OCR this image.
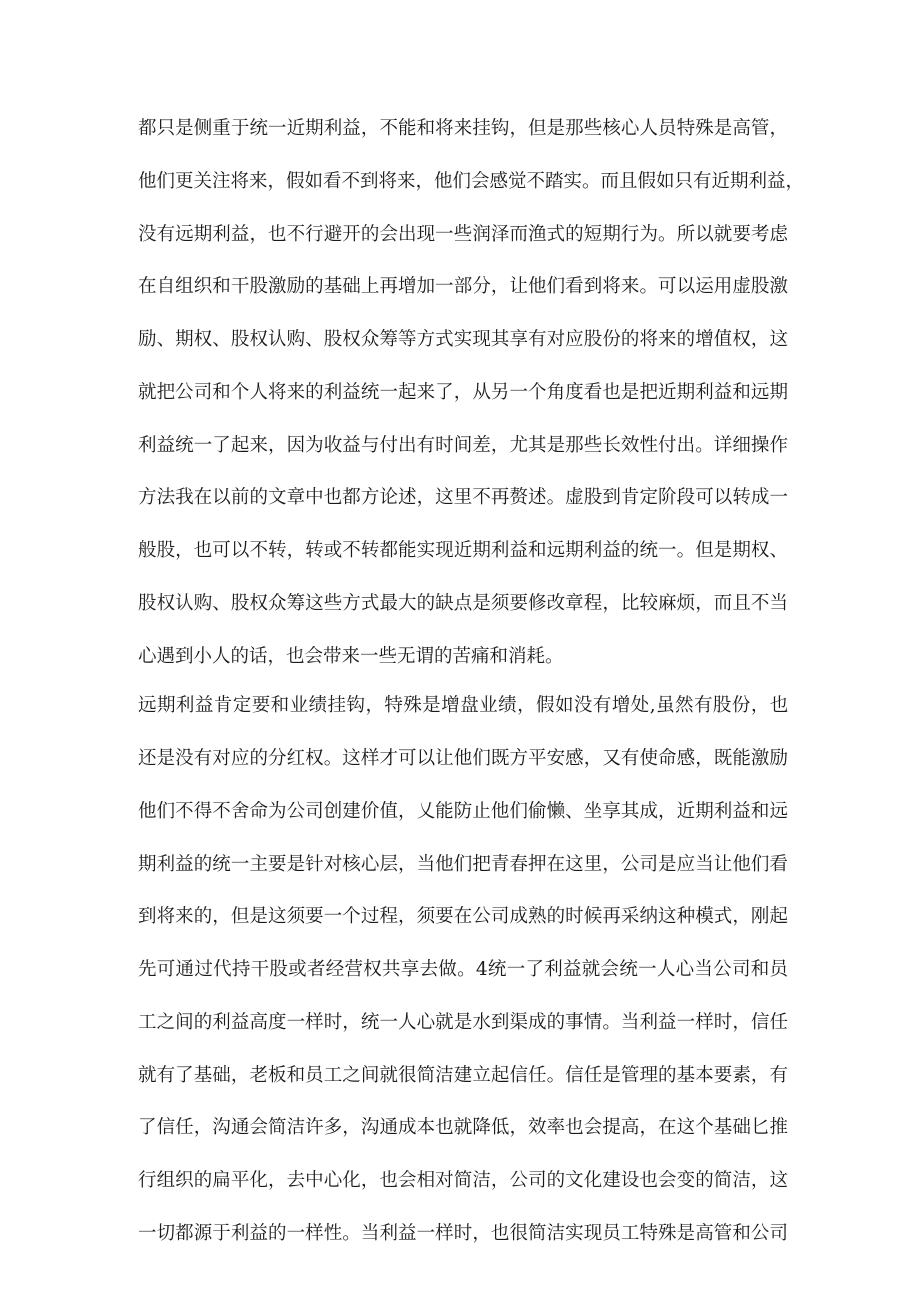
都只是侧重于统一近期利益，不能和将来挂钩，但是那些核心人员特殊是高管，
他们更关注将来，假如看不到将来，他们会感觉不踏实。而且假如只有近期利益，
没有远期利益，也不行避开的会出现一些润泽而渔式的短期行为。所以就要考虑
在自组织和干股激励的基础上再增加一部分，让他们看到将来。可以运用虚股激
励、期权、股权认购、股权众筹等方式实现其享有对应股份的将来的增值权，这
就把公司和个人将来的利益统一起来了，从另一个角度看也是把近期利益和远期
利益统一了起来，因为收益与付出有时间差，尤其是那些长效性付出。详细操作
方法我在以前的文章中也都方论述，这里不再赘述。虚股到肯定阶段可以转成一
般股，也可以不转，转或不转都能实现近期利益和远期利益的统一。但是期权、
股权认购、股权众筹这些方式最大的缺点是须要修改章程，比较麻烦，而且不当
心遇到小人的话，也会带来一些无谓的苦痛和消耗。
远期利益肯定要和业绩挂钩，特殊是增盘业绩，假如没有增处,虽然有股份，也
还是没有对应的分红权。这样才可以让他们既方平安感，又有使命感，既能激励
他们不得不舍命为公司创建价值，乂能防止他们偷懒、坐享其成，近期利益和远
期利益的统一主要是针对核心层，当他们把青春押在这里，公司是应当让他们看
到将来的，但是这须要一个过程，须要在公司成熟的时候再采纳这种模式，刚起
先可通过代持干股或者经营权共享去做。4统一了利益就会统一人心当公司和员
工之间的利益高度一样时，统一人心就是水到渠成的事情。当利益一样时，信任
就有了基础，老板和员工之间就很简洁建立起信任。信任是管理的基本要素，有
了信任，沟通会简洁许多，沟通成本也就降低，效率也会提高，在这个基础匕推
行组织的扁平化，去中心化，也会相对简洁，公司的文化建设也会变的简洁，这
一切都源于利益的一样性。当利益一样时，也很简洁实现员工特殊是高管和公司
